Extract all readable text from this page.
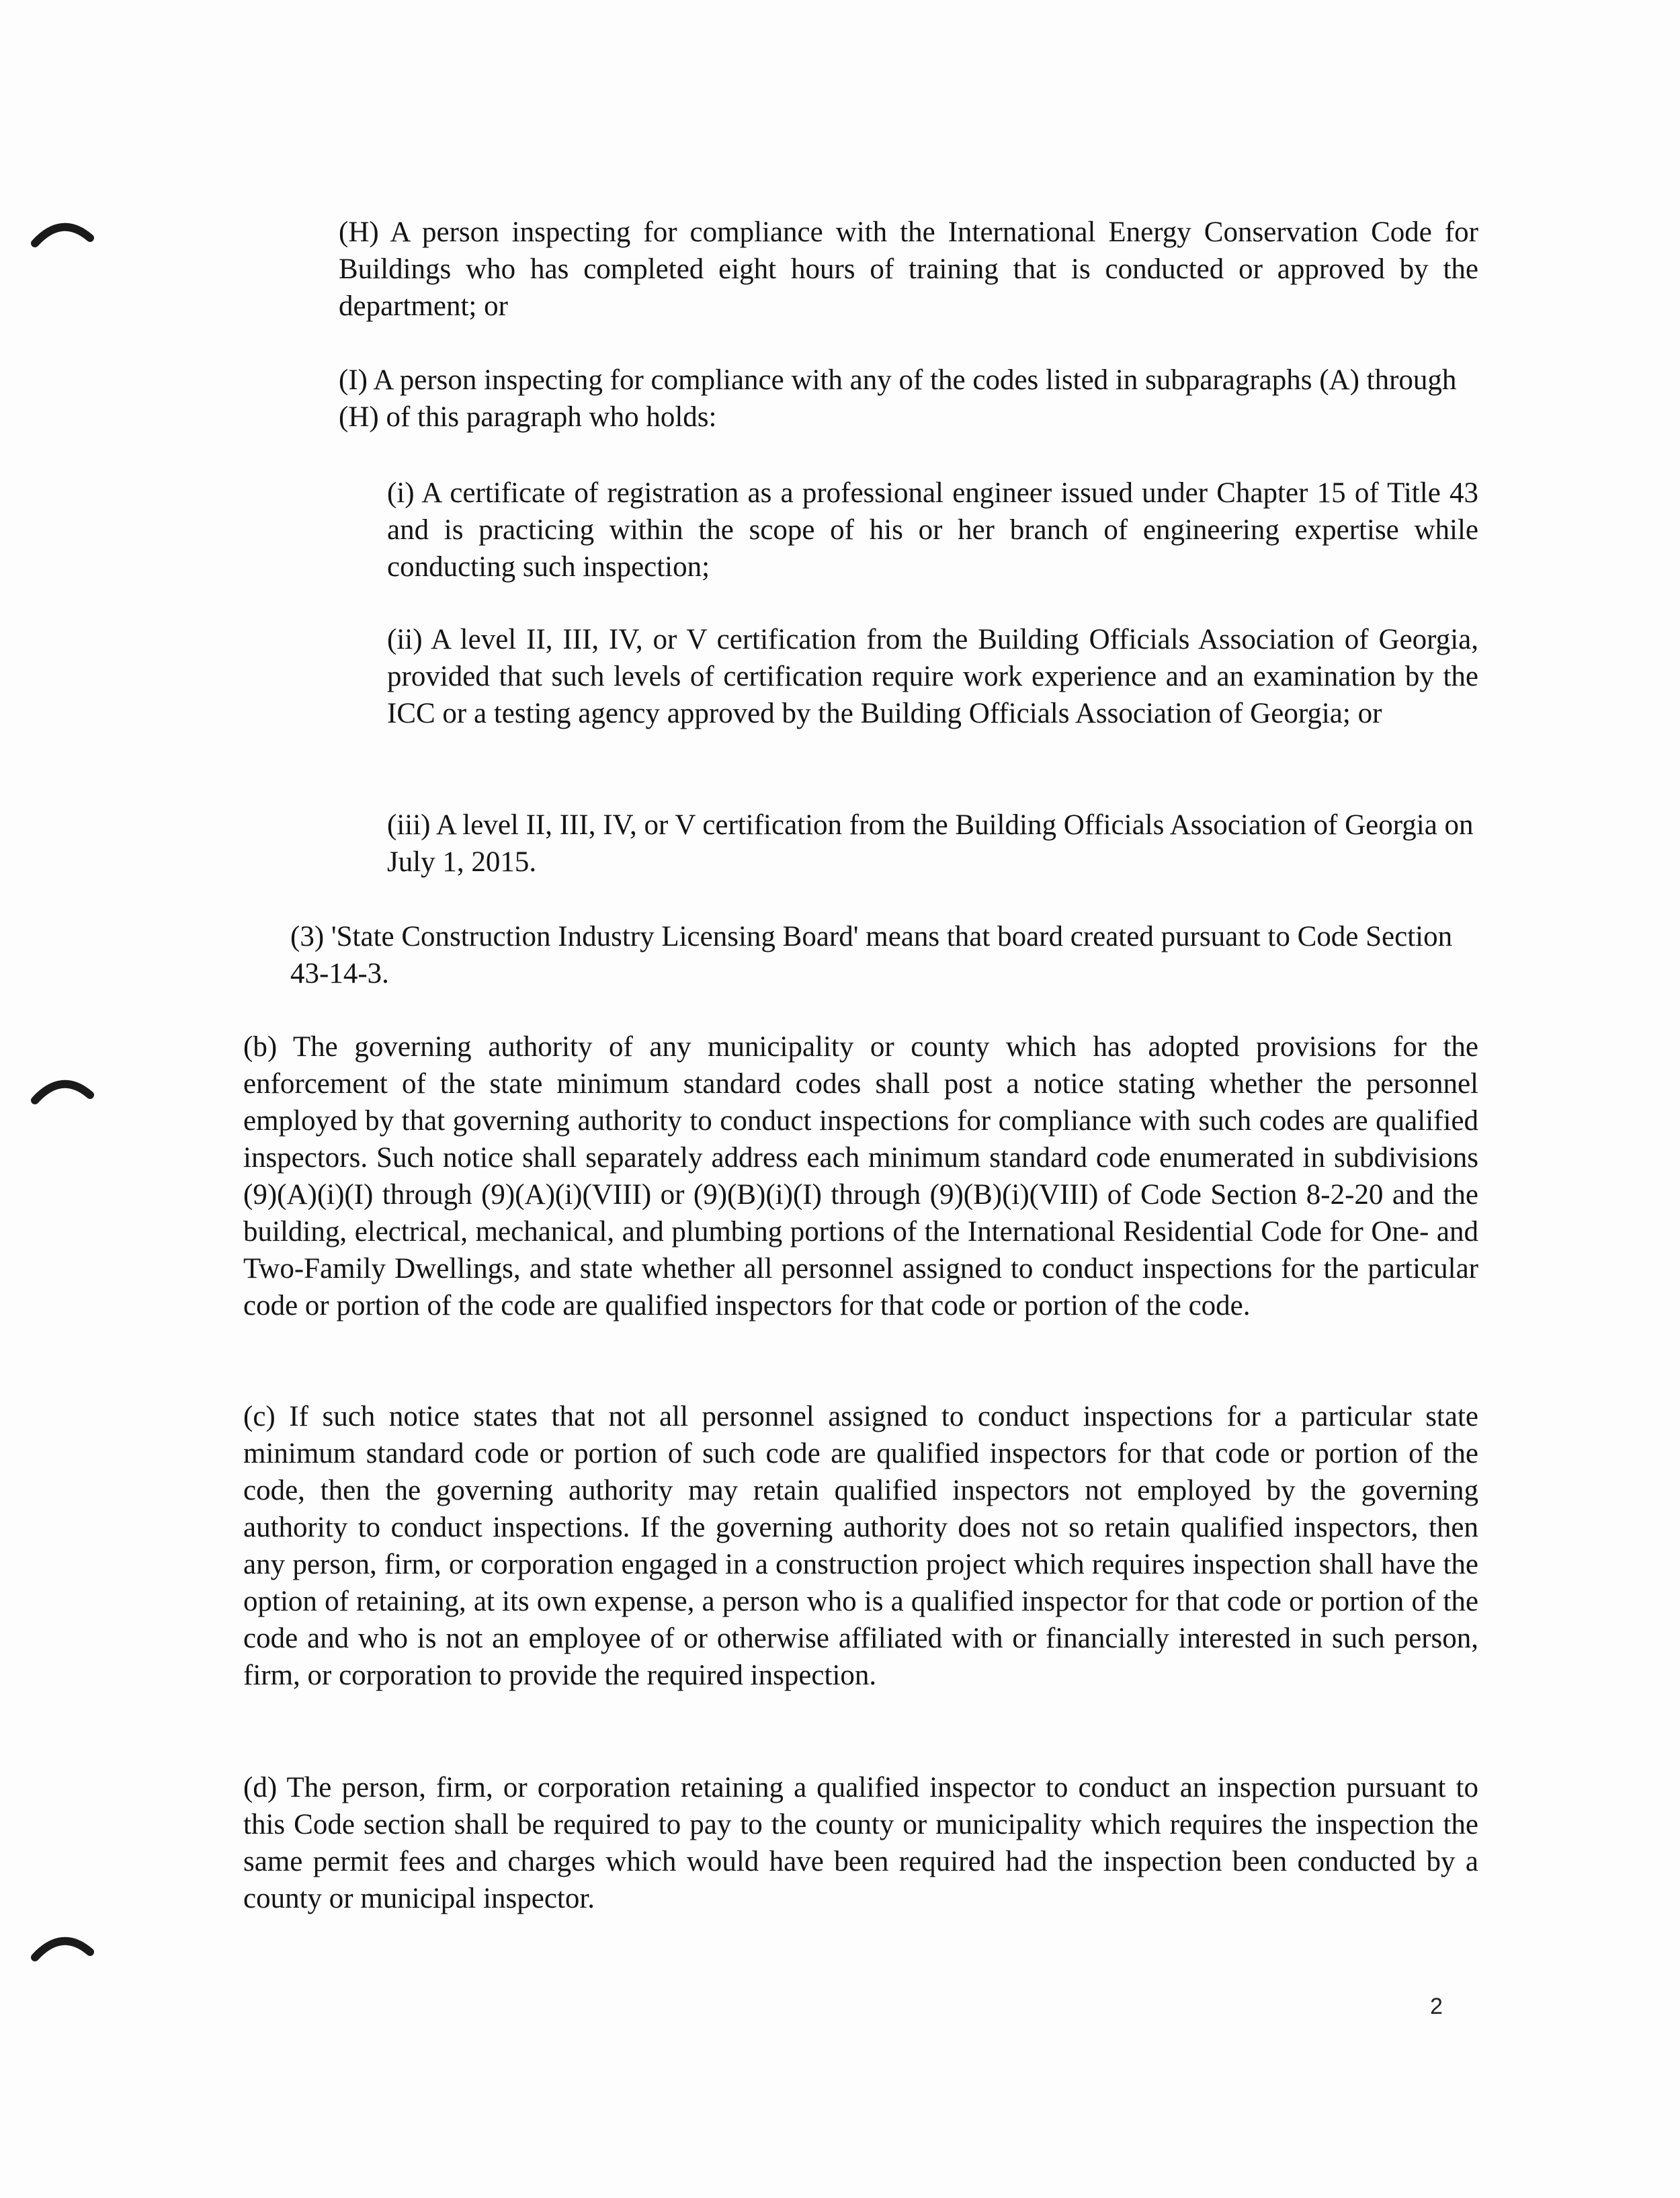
(H) A person inspecting for compliance with the International Energy Conservation Code for Buildings who has completed eight hours of training that is conducted or approved by the department; or

(I) A person inspecting for compliance with any of the codes listed in subparagraphs (A) through (H) of this paragraph who holds:

(i) A certificate of registration as a professional engineer issued under Chapter 15 of Title 43 and is practicing within the scope of his or her branch of engineering expertise while conducting such inspection;

(ii) A level II, III, IV, or V certification from the Building Officials Association of Georgia, provided that such levels of certification require work experience and an examination by the ICC or a testing agency approved by the Building Officials Association of Georgia; or

(iii) A level II, III, IV, or V certification from the Building Officials Association of Georgia on July 1, 2015.

(3) 'State Construction Industry Licensing Board' means that board created pursuant to Code Section 43-14-3.

(b) The governing authority of any municipality or county which has adopted provisions for the enforcement of the state minimum standard codes shall post a notice stating whether the personnel employed by that governing authority to conduct inspections for compliance with such codes are qualified inspectors. Such notice shall separately address each minimum standard code enumerated in subdivisions (9)(A)(i)(I) through (9)(A)(i)(VIII) or (9)(B)(i)(I) through (9)(B)(i)(VIII) of Code Section 8-2-20 and the building, electrical, mechanical, and plumbing portions of the International Residential Code for One- and Two-Family Dwellings, and state whether all personnel assigned to conduct inspections for the particular code or portion of the code are qualified inspectors for that code or portion of the code.

(c) If such notice states that not all personnel assigned to conduct inspections for a particular state minimum standard code or portion of such code are qualified inspectors for that code or portion of the code, then the governing authority may retain qualified inspectors not employed by the governing authority to conduct inspections. If the governing authority does not so retain qualified inspectors, then any person, firm, or corporation engaged in a construction project which requires inspection shall have the option of retaining, at its own expense, a person who is a qualified inspector for that code or portion of the code and who is not an employee of or otherwise affiliated with or financially interested in such person, firm, or corporation to provide the required inspection.

(d) The person, firm, or corporation retaining a qualified inspector to conduct an inspection pursuant to this Code section shall be required to pay to the county or municipality which requires the inspection the same permit fees and charges which would have been required had the inspection been conducted by a county or municipal inspector.

2
